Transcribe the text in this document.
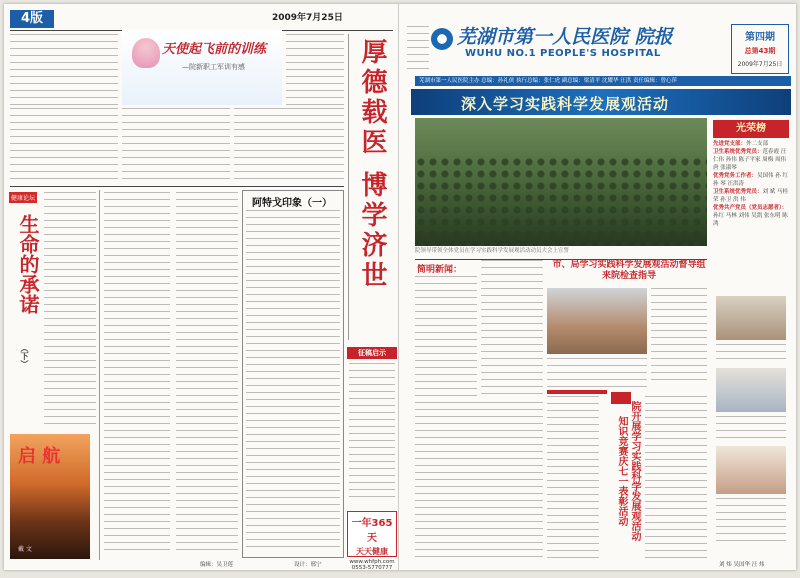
4版	2009年7月25日
天使起飞前的训练
—院新职工军训有感
健康论坛
生命的承诺
（下）
启 航
戴 文
阿特戈印象（一）
编辑：吴卫莲	设计：邢宁
厚德载医 博学济世
征稿启示
一年365天
天天健康
www.whfph.com
0553-5770777
芜湖市第一人民医院 院报
WUHU NO.1 PEOPLE'S HOSPITAL
第四期
总第43期
2009年7月25日
芜湖市第一人民医院主办 总编：孙礼侠 执行总编：张仁虎 副总编：梁清平 沈耀华 汪洪 责任编辑：曾心萍
深入学习实践科学发展观活动
院领导带领全体党员在学习实践科学发展观活动动员大会上宣誓
光荣榜
先进党支部：外二支部
卫生系统优秀党员：范春霞 汪仁伟 孙伟 陈子平家 周梅 周伟 唐 张淑琴
优秀党务工作者：吴国伟 孙 红 孙 琴 汪洪涛
卫生系统优秀党员：刘 斌 马桂荣 孙卫 洪 伟
优秀共产党员（党员志愿者）：孙红 马林 刘伟 吴凯 张东明 陈鸿
简明新闻：	市、局学习实践科学发展观活动督导组来院检查指导
院开展学习实践科学发展观活动 知识竞赛庆七一表彰活动
刘 炜 吴国华 汪 炜
